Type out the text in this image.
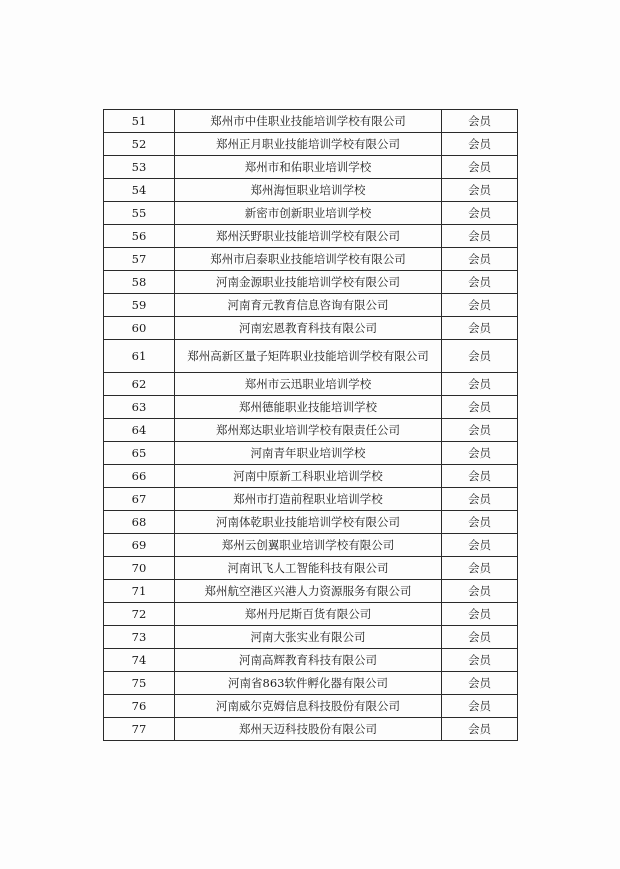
51	郑州市中佳职业技能培训学校有限公司	会员
52	郑州正月职业技能培训学校有限公司	会员
53	郑州市和佑职业培训学校	会员
54	郑州海恒职业培训学校	会员
55	新密市创新职业培训学校	会员
56	郑州沃野职业技能培训学校有限公司	会员
57	郑州市启泰职业技能培训学校有限公司	会员
58	河南金源职业技能培训学校有限公司	会员
59	河南育元教育信息咨询有限公司	会员
60	河南宏恩教育科技有限公司	会员
61	郑州高新区量子矩阵职业技能培训学校有限公司	会员
62	郑州市云迅职业培训学校	会员
63	郑州德能职业技能培训学校	会员
64	郑州郑达职业培训学校有限责任公司	会员
65	河南青年职业培训学校	会员
66	河南中原新工科职业培训学校	会员
67	郑州市打造前程职业培训学校	会员
68	河南体乾职业技能培训学校有限公司	会员
69	郑州云创翼职业培训学校有限公司	会员
70	河南讯飞人工智能科技有限公司	会员
71	郑州航空港区兴港人力资源服务有限公司	会员
72	郑州丹尼斯百货有限公司	会员
73	河南大张实业有限公司	会员
74	河南高辉教育科技有限公司	会员
75	河南省863软件孵化器有限公司	会员
76	河南威尔克姆信息科技股份有限公司	会员
77	郑州天迈科技股份有限公司	会员
